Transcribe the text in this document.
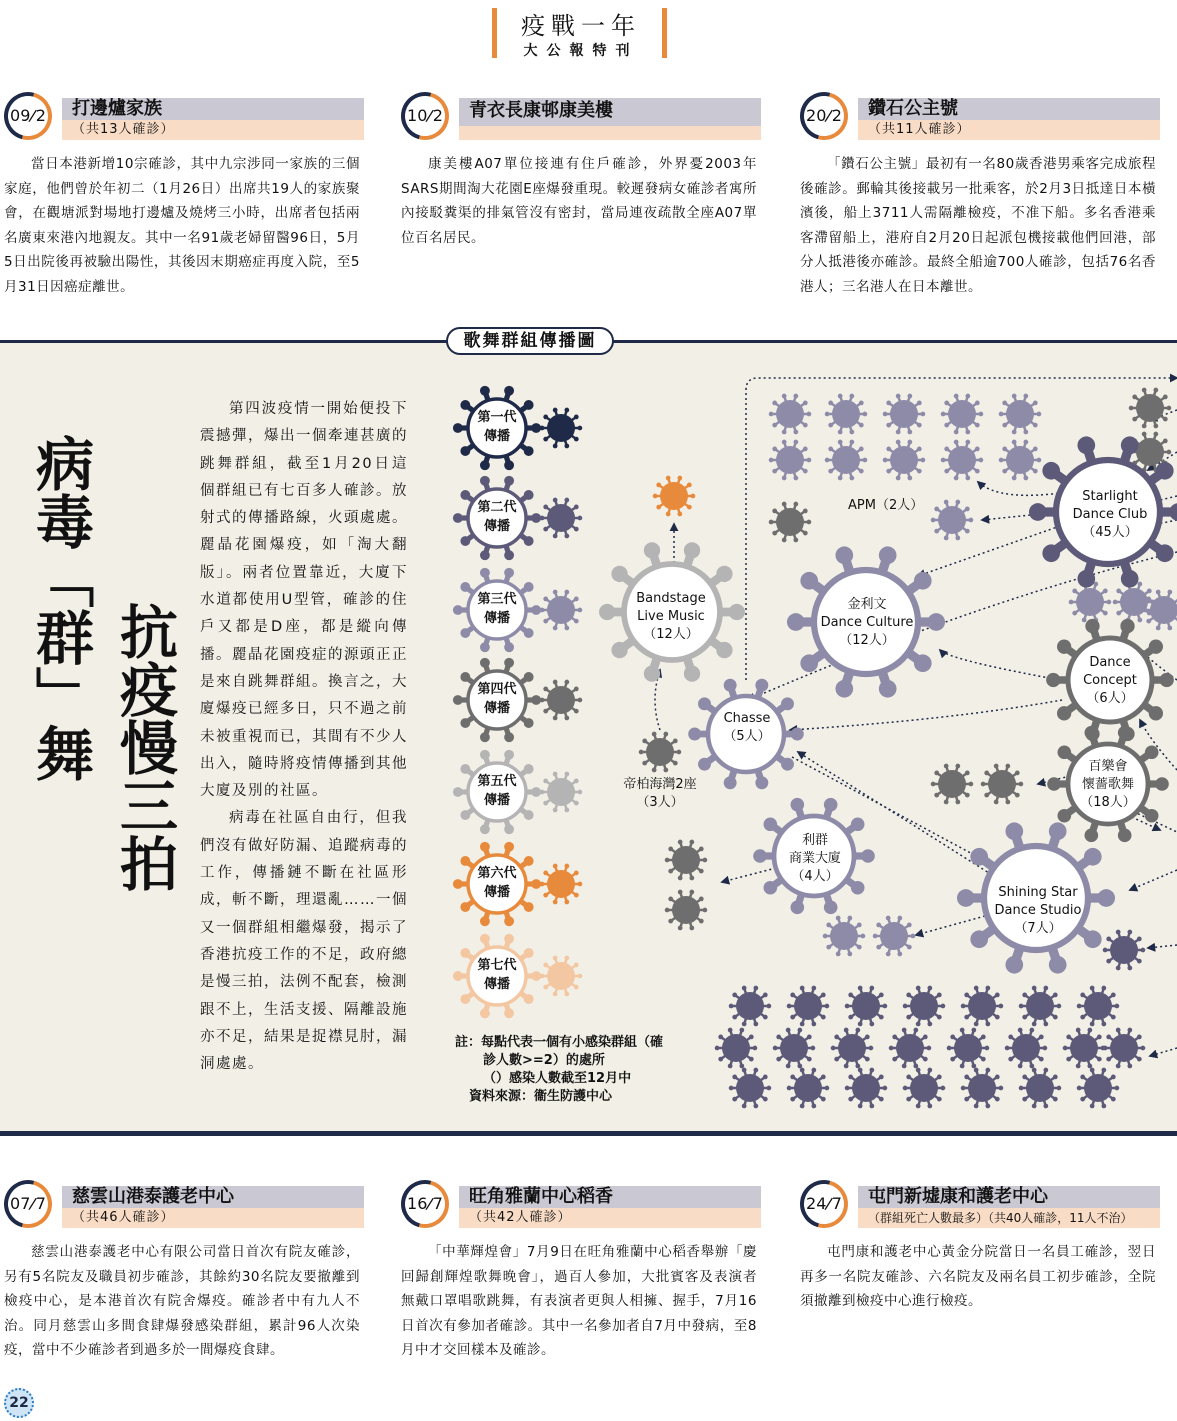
疫戰一年
大公報特刊
09/2	打邊爐家族
（共13人確診）
當日本港新增10宗確診，其中九宗涉同一家族的三個家庭，他們曾於年初二（1月26日）出席共19人的家族聚會，在觀塘派對場地打邊爐及燒烤三小時，出席者包括兩名廣東來港內地親友。其中一名91歲老婦留醫96日，5月5日出院後再被驗出陽性，其後因末期癌症再度入院，至5月31日因癌症離世。
10/2	青衣長康邨康美樓
康美樓A07單位接連有住戶確診，外界憂2003年SARS期間淘大花園E座爆發重現。較遲發病女確診者寓所內接駁糞渠的排氣管沒有密封，當局連夜疏散全座A07單位百名居民。
20/2	鑽石公主號
（共11人確診）
「鑽石公主號」最初有一名80歲香港男乘客完成旅程後確診。郵輪其後接載另一批乘客，於2月3日抵達日本橫濱後，船上3711人需隔離檢疫，不准下船。多名香港乘客滯留船上，港府自2月20日起派包機接載他們回港，部分人抵港後亦確診。最終全船逾700人確診，包括76名香港人；三名港人在日本離世。
歌舞群組傳播圖
病毒「群」舞 抗疫慢三拍

第四波疫情一開始便投下震撼彈，爆出一個牽連甚廣的跳舞群組，截至1月20日這個群組已有七百多人確診。放射式的傳播路線，火頭處處。麗晶花園爆疫，如「淘大翻版」。兩者位置靠近，大廈下水道都使用U型管，確診的住戶又都是D座，都是縱向傳播。麗晶花園疫症的源頭正正是來自跳舞群組。換言之，大廈爆疫已經多日，只不過之前未被重視而已，其間有不少人出入，隨時將疫情傳播到其他大廈及別的社區。

病毒在社區自由行，但我們沒有做好防漏、追蹤病毒的工作，傳播鏈不斷在社區形成，斬不斷，理還亂……一個又一個群組相繼爆發，揭示了香港抗疫工作的不足，政府總是慢三拍，法例不配套，檢測跟不上，生活支援、隔離設施亦不足，結果是捉襟見肘，漏洞處處。

Starlight
Dance Club
（45人）
Bandstage
Live Music
（12人）
金利文
Dance Culture
（12人）
Dance
Concept
（6人）
Chasse
（5人）
百樂會
懷薔歌舞
（18人）
利群
商業大廈
（4人）
Shining Star
Dance Studio
（7人）
APM（2人）
帝柏海灣2座
（3人）
第一代
傳播
第二代
傳播
第三代
傳播
第四代
傳播
第五代
傳播
第六代
傳播
第七代
傳播
註：每點代表一個有小感染群組（確
診人數>=2）的處所
（）感染人數截至12月中
資料來源：衞生防護中心
07/7	慈雲山港泰護老中心
（共46人確診）
慈雲山港泰護老中心有限公司當日首次有院友確診，另有5名院友及職員初步確診，其餘約30名院友要撤離到檢疫中心，是本港首次有院舍爆疫。確診者中有九人不治。同月慈雲山多間食肆爆發感染群組，累計96人次染疫，當中不少確診者到過多於一間爆疫食肆。
16/7	旺角雅蘭中心稻香
（共42人確診）
「中華輝煌會」7月9日在旺角雅蘭中心稻香舉辦「慶回歸創輝煌歌舞晚會」，過百人參加，大批賓客及表演者無戴口罩唱歌跳舞，有表演者更與人相擁、握手，7月16日首次有參加者確診。其中一名參加者自7月中發病，至8月中才交回樣本及確診。
24/7	屯門新墟康和護老中心
（群組死亡人數最多）（共40人確診，11人不治）
屯門康和護老中心黃金分院當日一名員工確診，翌日再多一名院友確診、六名院友及兩名員工初步確診，全院須撤離到檢疫中心進行檢疫。
22
